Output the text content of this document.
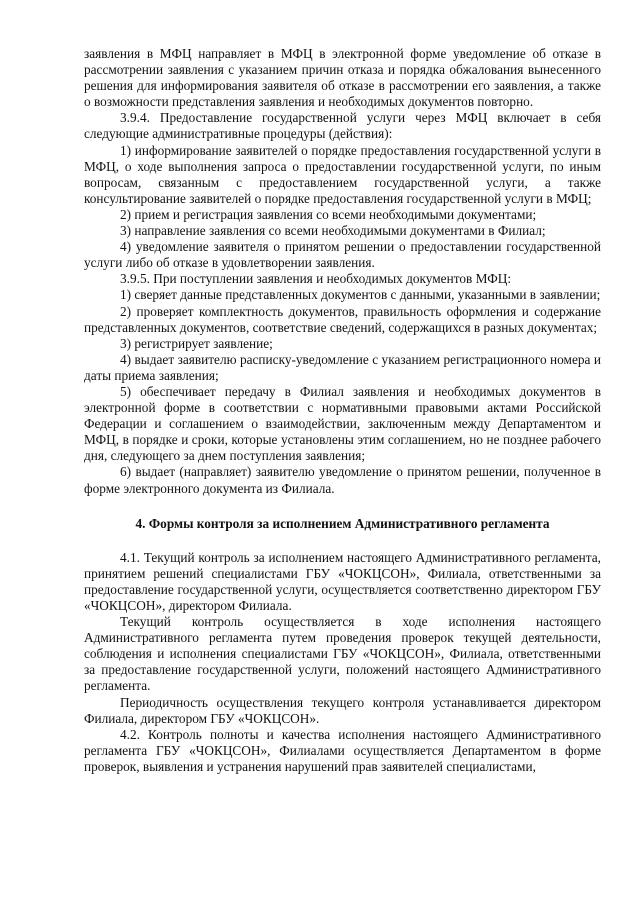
заявления в МФЦ направляет в МФЦ в электронной форме уведомление об отказе в рассмотрении заявления с указанием причин отказа и порядка обжалования вынесенного решения для информирования заявителя об отказе в рассмотрении его заявления, а также о возможности представления заявления и необходимых документов повторно.

3.9.4. Предоставление государственной услуги через МФЦ включает в себя следующие административные процедуры (действия):

1) информирование заявителей о порядке предоставления государственной услуги в МФЦ, о ходе выполнения запроса о предоставлении государственной услуги, по иным вопросам, связанным с предоставлением государственной услуги, а также консультирование заявителей о порядке предоставления государственной услуги в МФЦ;

2) прием и регистрация заявления со всеми необходимыми документами;

3) направление заявления со всеми необходимыми документами в Филиал;

4) уведомление заявителя о принятом решении о предоставлении государственной услуги либо об отказе в удовлетворении заявления.

3.9.5. При поступлении заявления и необходимых документов МФЦ:

1) сверяет данные представленных документов с данными, указанными в заявлении;

2) проверяет комплектность документов, правильность оформления и содержание представленных документов, соответствие сведений, содержащихся в разных документах;

3) регистрирует заявление;

4) выдает заявителю расписку-уведомление с указанием регистрационного номера и даты приема заявления;

5) обеспечивает передачу в Филиал заявления и необходимых документов в электронной форме в соответствии с нормативными правовыми актами Российской Федерации и соглашением о взаимодействии, заключенным между Департаментом и МФЦ, в порядке и сроки, которые установлены этим соглашением, но не позднее рабочего дня, следующего за днем поступления заявления;

6) выдает (направляет) заявителю уведомление о принятом решении, полученное в форме электронного документа из Филиала.

4. Формы контроля за исполнением Административного регламента

4.1. Текущий контроль за исполнением настоящего Административного регламента, принятием решений специалистами ГБУ «ЧОКЦСОН», Филиала, ответственными за предоставление государственной услуги, осуществляется соответственно директором ГБУ «ЧОКЦСОН», директором Филиала.

Текущий контроль осуществляется в ходе исполнения настоящего Административного регламента путем проведения проверок текущей деятельности, соблюдения и исполнения специалистами ГБУ «ЧОКЦСОН», Филиала, ответственными за предоставление государственной услуги, положений настоящего Административного регламента.

Периодичность осуществления текущего контроля устанавливается директором Филиала, директором ГБУ «ЧОКЦСОН».

4.2. Контроль полноты и качества исполнения настоящего Административного регламента ГБУ «ЧОКЦСОН», Филиалами осуществляется Департаментом в форме проверок, выявления и устранения нарушений прав заявителей специалистами,
